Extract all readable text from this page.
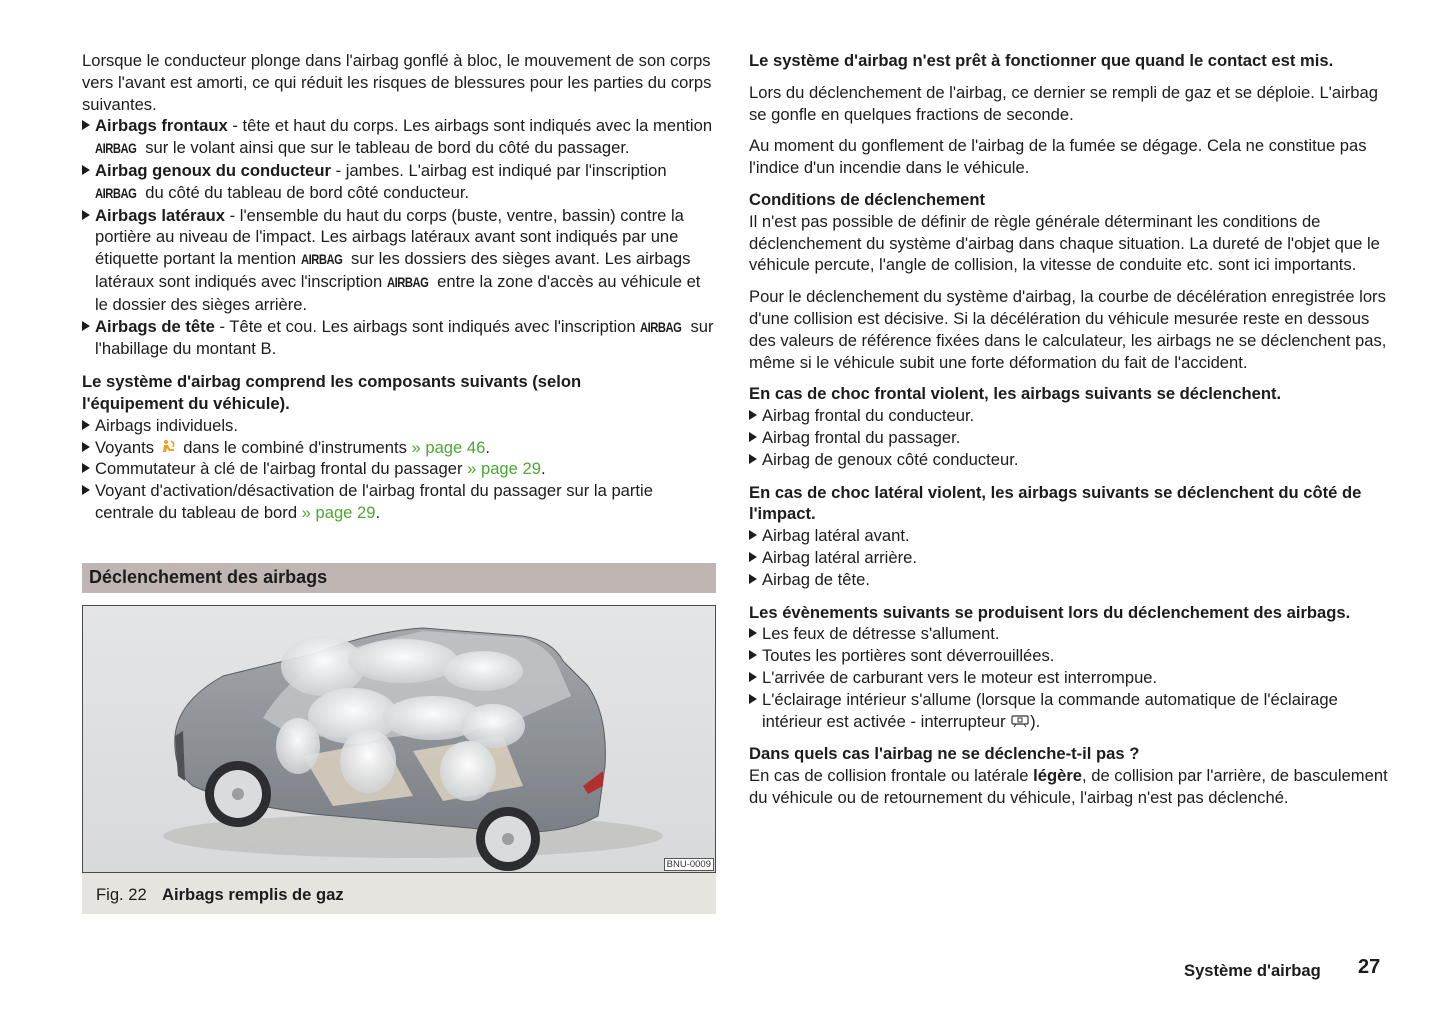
Lorsque le conducteur plonge dans l'airbag gonflé à bloc, le mouvement de son corps vers l'avant est amorti, ce qui réduit les risques de blessures pour les parties du corps suivantes.

Airbags frontaux - tête et haut du corps. Les airbags sont indiqués avec la mention AIRBAG sur le volant ainsi que sur le tableau de bord du côté du passager.
Airbag genoux du conducteur - jambes. L'airbag est indiqué par l'inscription AIRBAG du côté du tableau de bord côté conducteur.
Airbags latéraux - l'ensemble du haut du corps (buste, ventre, bassin) contre la portière au niveau de l'impact. Les airbags latéraux avant sont indiqués par une étiquette portant la mention AIRBAG sur les dossiers des sièges avant. Les airbags latéraux sont indiqués avec l'inscription AIRBAG entre la zone d'accès au véhicule et le dossier des sièges arrière.
Airbags de tête - Tête et cou. Les airbags sont indiqués avec l'inscription AIRBAG sur l'habillage du montant B.

Le système d'airbag comprend les composants suivants (selon l'équipement du véhicule).

Airbags individuels.
Voyants  dans le combiné d'instruments » page 46.
Commutateur à clé de l'airbag frontal du passager » page 29.
Voyant d'activation/désactivation de l'airbag frontal du passager sur la partie centrale du tableau de bord » page 29.
Déclenchement des airbags
BNU-0009
Fig. 22 Airbags remplis de gaz

Le système d'airbag n'est prêt à fonctionner que quand le contact est mis.

Lors du déclenchement de l'airbag, ce dernier se rempli de gaz et se déploie. L'airbag se gonfle en quelques fractions de seconde.

Au moment du gonflement de l'airbag de la fumée se dégage. Cela ne constitue pas l'indice d'un incendie dans le véhicule.

Conditions de déclenchement

Il n'est pas possible de définir de règle générale déterminant les conditions de déclenchement du système d'airbag dans chaque situation. La dureté de l'objet que le véhicule percute, l'angle de collision, la vitesse de conduite etc. sont ici importants.

Pour le déclenchement du système d'airbag, la courbe de décélération enregistrée lors d'une collision est décisive. Si la décélération du véhicule mesurée reste en dessous des valeurs de référence fixées dans le calculateur, les airbags ne se déclenchent pas, même si le véhicule subit une forte déformation du fait de l'accident.

En cas de choc frontal violent, les airbags suivants se déclenchent.

Airbag frontal du conducteur.
Airbag frontal du passager.
Airbag de genoux côté conducteur.

En cas de choc latéral violent, les airbags suivants se déclenchent du côté de l'impact.

Airbag latéral avant.
Airbag latéral arrière.
Airbag de tête.

Les évènements suivants se produisent lors du déclenchement des airbags.

Les feux de détresse s'allument.
Toutes les portières sont déverrouillées.
L'arrivée de carburant vers le moteur est interrompue.
L'éclairage intérieur s'allume (lorsque la commande automatique de l'éclairage intérieur est activée - interrupteur ).

Dans quels cas l'airbag ne se déclenche-t-il pas ?

En cas de collision frontale ou latérale légère, de collision par l'arrière, de basculement du véhicule ou de retournement du véhicule, l'airbag n'est pas déclenché.

Système d'airbag 27
